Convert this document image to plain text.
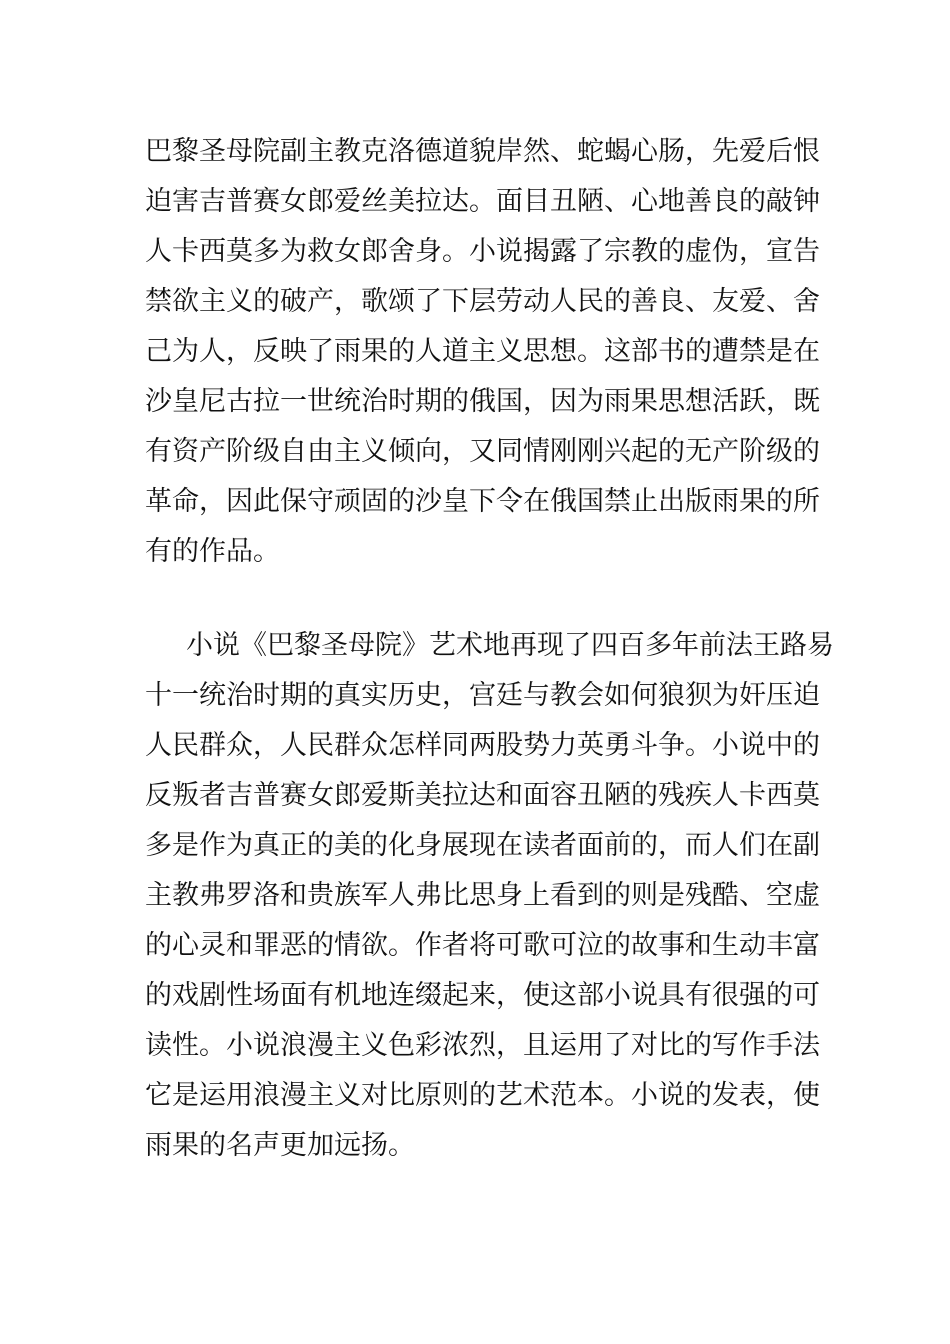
巴黎圣母院副主教克洛德道貌岸然、蛇蝎心肠，先爱后恨

迫害吉普赛女郎爱丝美拉达。面目丑陋、心地善良的敲钟

人卡西莫多为救女郎舍身。小说揭露了宗教的虚伪，宣告

禁欲主义的破产，歌颂了下层劳动人民的善良、友爱、舍

己为人，反映了雨果的人道主义思想。这部书的遭禁是在

沙皇尼古拉一世统治时期的俄国，因为雨果思想活跃，既

有资产阶级自由主义倾向，又同情刚刚兴起的无产阶级的

革命，因此保守顽固的沙皇下令在俄国禁止出版雨果的所

有的作品。

小说《巴黎圣母院》艺术地再现了四百多年前法王路易

十一统治时期的真实历史，宫廷与教会如何狼狈为奸压迫

人民群众，人民群众怎样同两股势力英勇斗争。小说中的

反叛者吉普赛女郎爱斯美拉达和面容丑陋的残疾人卡西莫

多是作为真正的美的化身展现在读者面前的，而人们在副

主教弗罗洛和贵族军人弗比思身上看到的则是残酷、空虚

的心灵和罪恶的情欲。作者将可歌可泣的故事和生动丰富

的戏剧性场面有机地连缀起来，使这部小说具有很强的可

读性。小说浪漫主义色彩浓烈，且运用了对比的写作手法

它是运用浪漫主义对比原则的艺术范本。小说的发表，使

雨果的名声更加远扬。
